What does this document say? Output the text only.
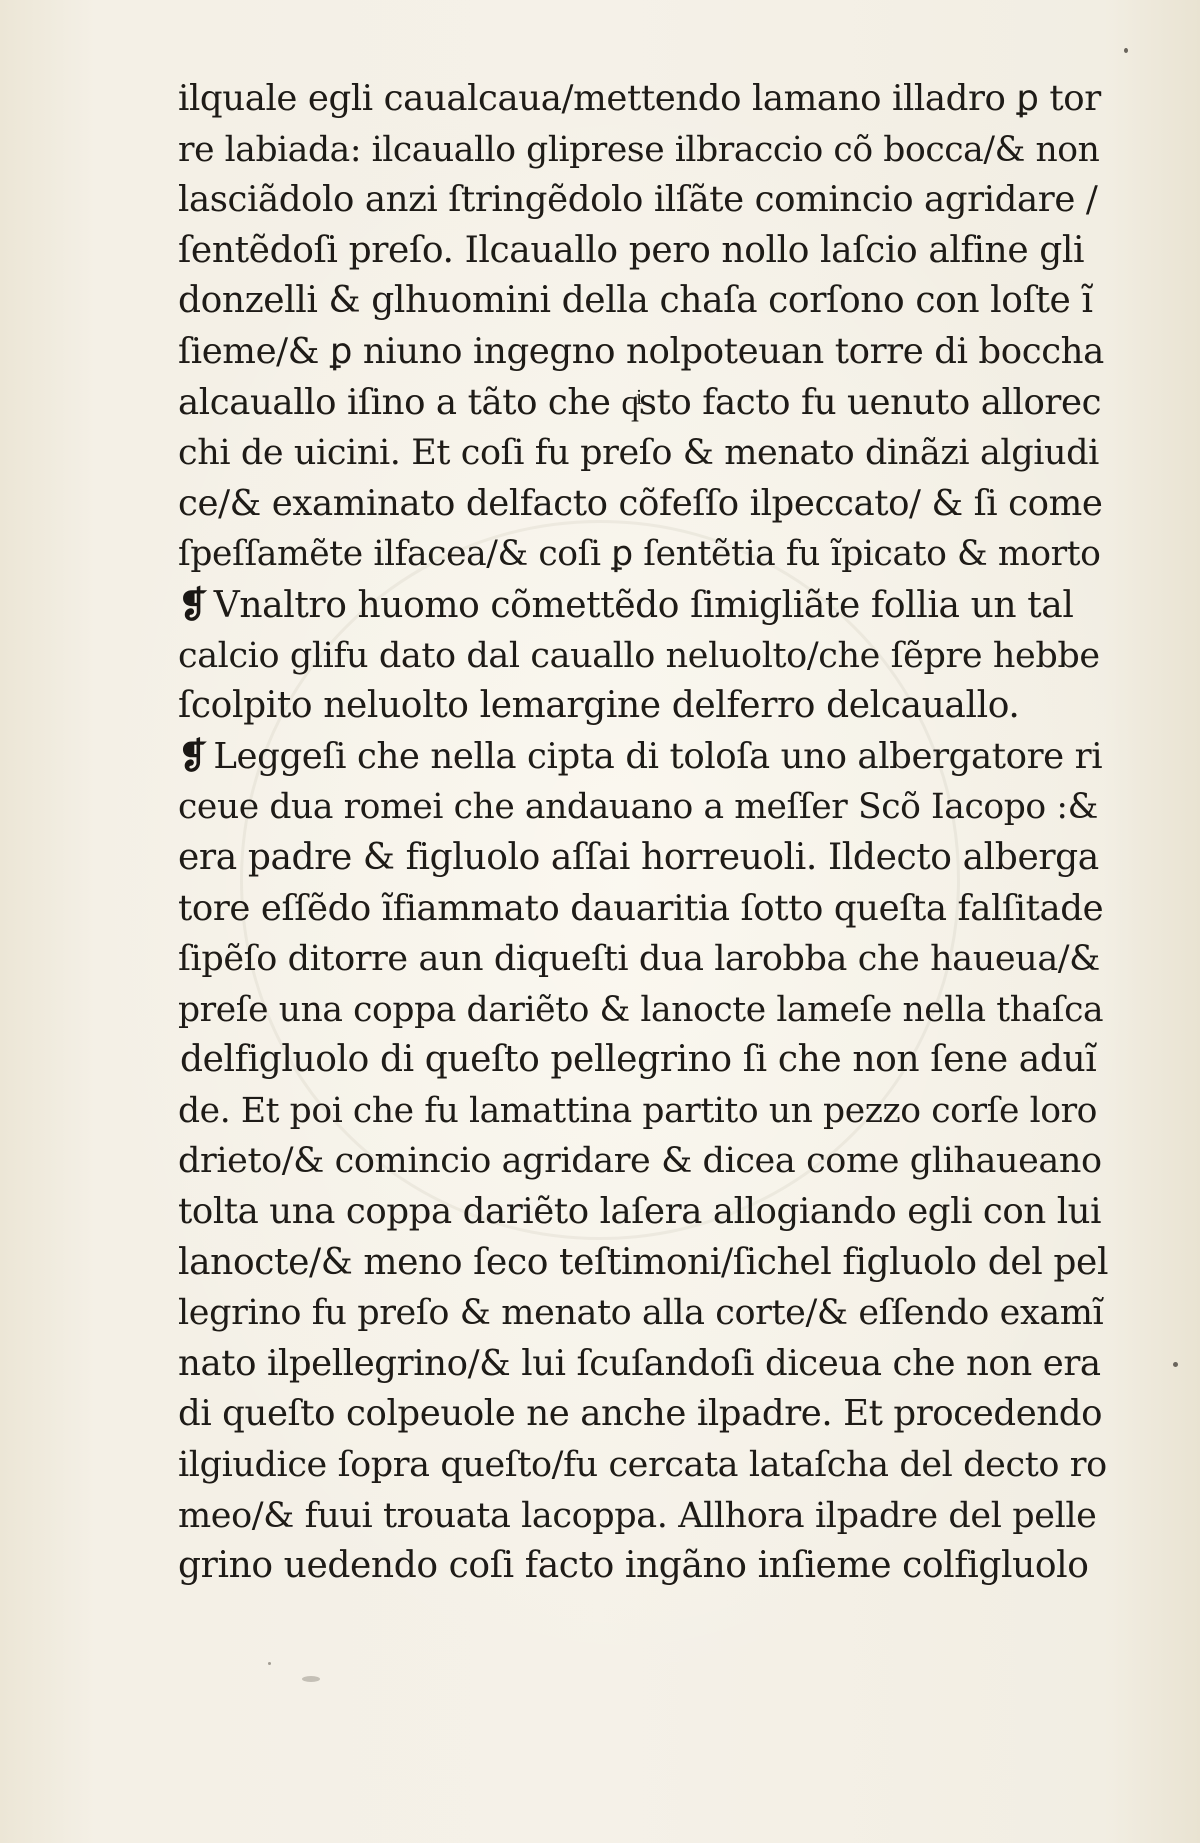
ilquale egli caualcaua/mettendo lamano illadro ꝑ tor
re labiada: ilcauallo gliprese ilbraccio cõ bocca/& non
lasciãdolo anzi ſtringẽdolo ilſãte comincio agridare /
ſentẽdoſi preſo. Ilcauallo pero nollo laſcio alfine gli
donzelli & glhuomini della chaſa corſono con loſte ĩ
ſieme/& ꝑ niuno ingegno nolpoteuan torre di boccha
alcauallo iſino a tãto che qͥsto facto fu uenuto allorec
chi de uicini. Et coſi fu preſo & menato dinãzi algiudi
ce/& examinato delfacto cõfeſſo ilpeccato/ & ſi come
ſpeſſamẽte ilfacea/& coſi ꝑ ſentẽtia fu ĩpicato & morto
❡ Vnaltro huomo cõmettẽdo ſimigliãte follia un tal
calcio glifu dato dal cauallo neluolto/che ſẽpre hebbe
ſcolpito neluolto lemargine delferro delcauallo.
❡ Leggeſi che nella cipta di toloſa uno albergatore ri
ceue dua romei che andauano a meſſer Scõ Iacopo :&
era padre & figluolo aſſai horreuoli. Ildecto alberga
tore eſſẽdo ĩfiammato dauaritia ſotto queſta falſitade
ſipẽſo ditorre aun diqueſti dua larobba che haueua/&
preſe una coppa dariẽto & lanocte lameſe nella thaſca
delfigluolo di queſto pellegrino ſi che non ſene aduĩ
de. Et poi che fu lamattina partito un pezzo corſe loro
drieto/& comincio agridare & dicea come glihaueano
tolta una coppa dariẽto laſera allogiando egli con lui
lanocte/& meno ſeco teſtimoni/ſichel figluolo del pel
legrino fu preſo & menato alla corte/& eſſendo examĩ
nato ilpellegrino/& lui ſcuſandoſi diceua che non era
di queſto colpeuole ne anche ilpadre. Et procedendo
ilgiudice ſopra queſto/fu cercata lataſcha del decto ro
meo/& fuui trouata lacoppa. Allhora ilpadre del pelle
grino uedendo coſi facto ingãno inſieme colfigluolo
